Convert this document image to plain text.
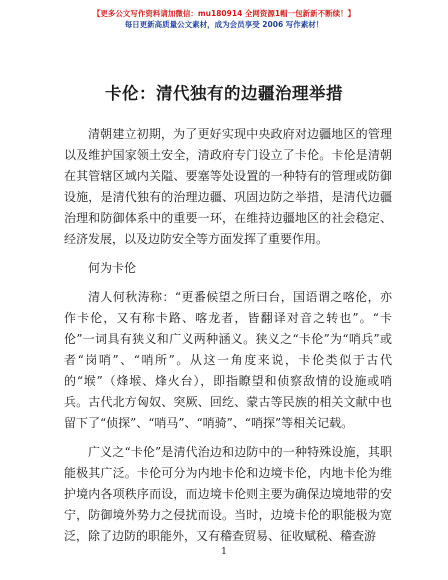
【更多公文写作资料请加微信：mu180914 全网资源1帽一包新新不断续！】
每日更新高质量公文素材，成为会员享受 2006 写作素材！
卡伦：清代独有的边疆治理举措

清朝建立初期，为了更好实现中央政府对边疆地区的管理以及维护国家领土安全，清政府专门设立了卡伦。卡伦是清朝在其管辖区域内关隘、要塞等处设置的一种特有的管理或防御设施，是清代独有的治理边疆、巩固边防之举措，是清代边疆治理和防御体系中的重要一环，在维持边疆地区的社会稳定、经济发展，以及边防安全等方面发挥了重要作用。

何为卡伦

清人何秋涛称：“更番候望之所曰台，国语谓之喀伦，亦作卡伦，又有称卡路、喀龙者，皆翻译对音之转也”。“卡伦”一词具有狭义和广义两种涵义。狭义之“卡伦”为“哨兵”或者“岗哨”、“哨所”。从这一角度来说，卡伦类似于古代的“堠”（烽堠、烽火台），即指瞭望和侦察敌情的设施或哨兵。古代北方匈奴、突厥、回纥、蒙古等民族的相关文献中也留下了“侦探”、“哨马”、“哨骑”、“哨探”等相关记载。

广义之“卡伦”是清代治边和边防中的一种特殊设施，其职能极其广泛。卡伦可分为内地卡伦和边境卡伦，内地卡伦为维护境内各项秩序而设，而边境卡伦则主要为确保边境地带的安宁，防御境外势力之侵扰而设。当时，边境卡伦的职能极为宽泛，除了边防的职能外，又有稽查贸易、征收赋税、稽查游

1
